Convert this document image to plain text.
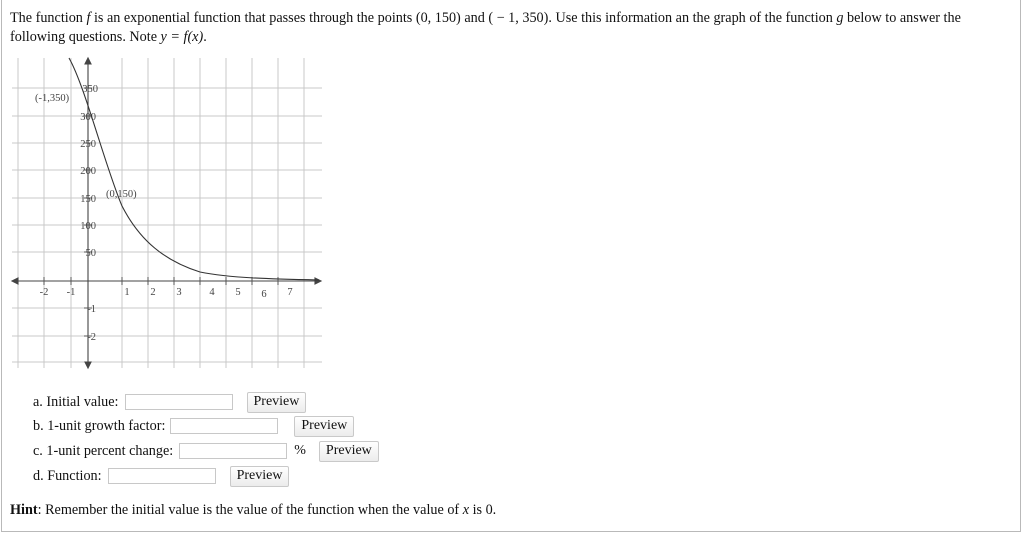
The function f is an exponential function that passes through the points (0, 150) and ( − 1, 350). Use this information an the graph of the function g below to answer the following questions. Note y = f(x).
350
300
250
200
150
100
50
-1
-2
-2 -1	1 2 3	4 5 6 7
(-1,350)
(0,150)
a. Initial value:	Preview
b. 1-unit growth factor:	Preview
c. 1-unit percent change:	%	Preview
d. Function:	Preview
Hint: Remember the initial value is the value of the function when the value of x is 0.
